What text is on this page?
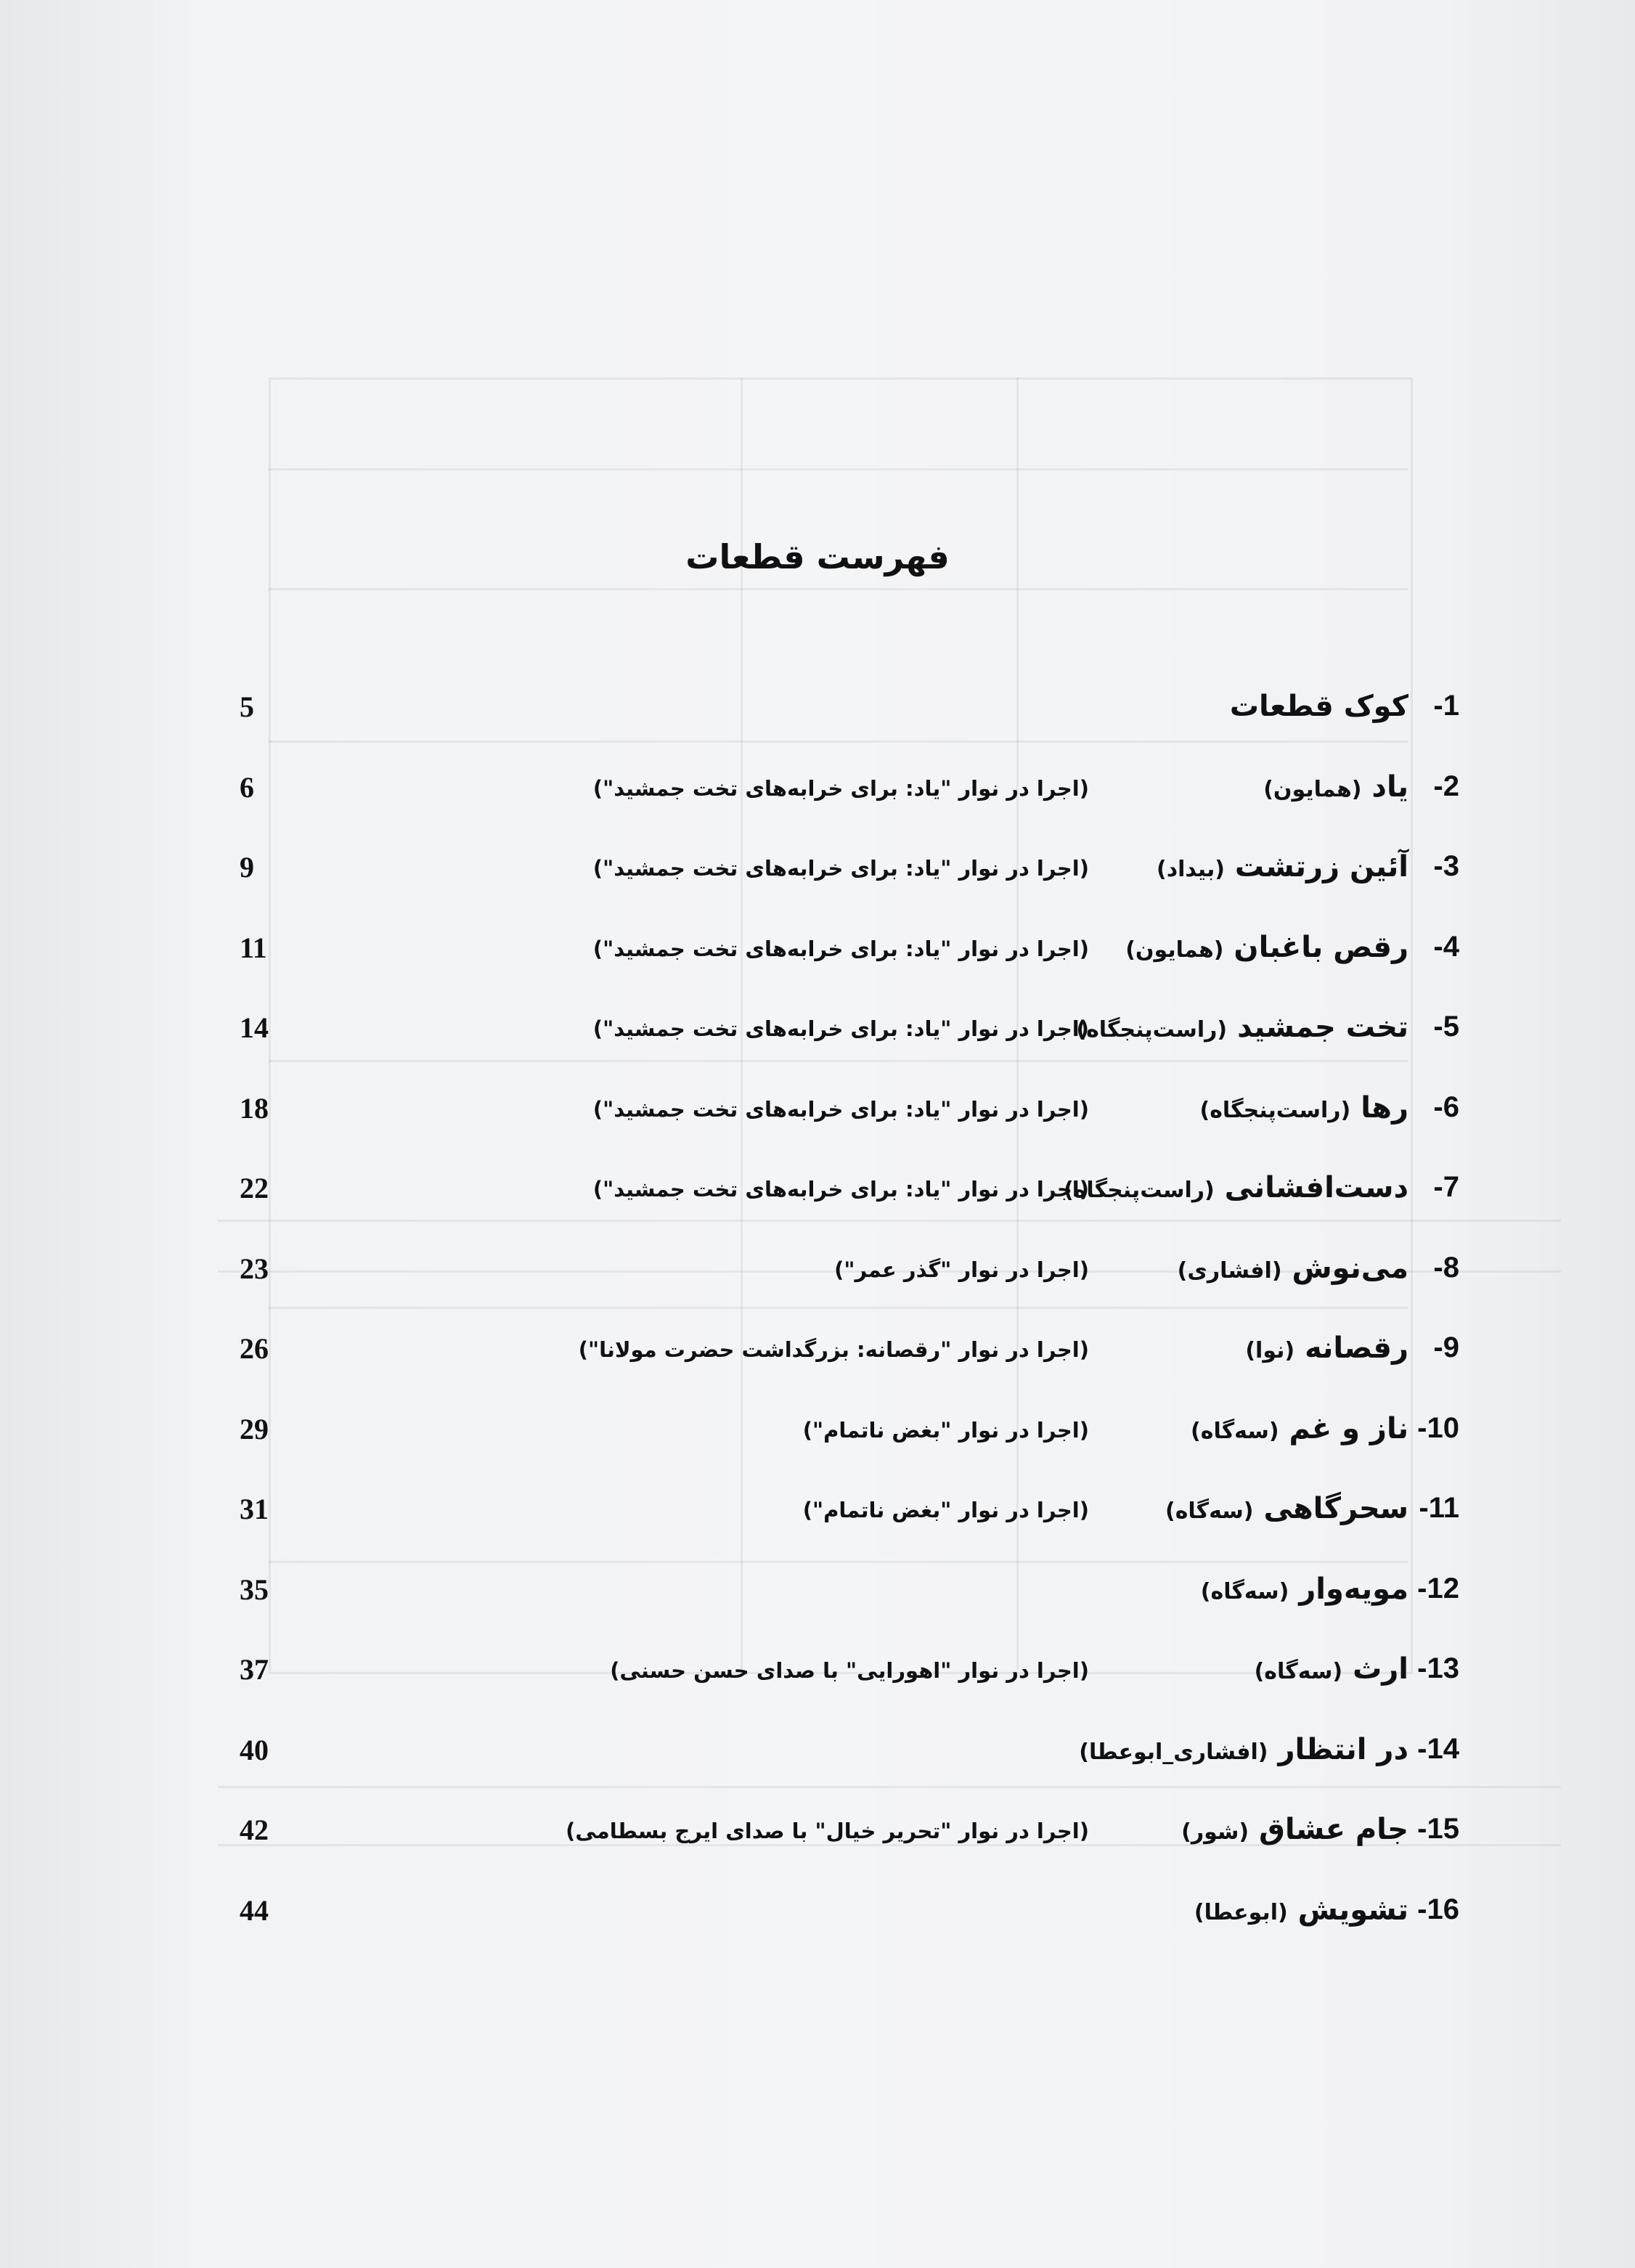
فهرست قطعات
1-
کوک قطعات
5
2-
یاد (همایون)
(اجرا در نوار "یاد: برای خرابه‌های تخت جمشید")
6
3-
آئین زرتشت (بیداد)
(اجرا در نوار "یاد: برای خرابه‌های تخت جمشید")
9
4-
رقص باغبان (همایون)
(اجرا در نوار "یاد: برای خرابه‌های تخت جمشید")
11
5-
تخت جمشید (راست‌پنجگاه)
(اجرا در نوار "یاد: برای خرابه‌های تخت جمشید")
14
6-
رها (راست‌پنجگاه)
(اجرا در نوار "یاد: برای خرابه‌های تخت جمشید")
18
7-
دست‌افشانی (راست‌پنجگاه)
(اجرا در نوار "یاد: برای خرابه‌های تخت جمشید")
22
8-
می‌نوش (افشاری)
(اجرا در نوار "گذر عمر")
23
9-
رقصانه (نوا)
(اجرا در نوار "رقصانه: بزرگداشت حضرت مولانا")
26
10-
ناز و غم (سه‌گاه)
(اجرا در نوار "بغض ناتمام")
29
11-
سحرگاهی (سه‌گاه)
(اجرا در نوار "بغض ناتمام")
31
12-
مویه‌وار (سه‌گاه)
35
13-
ارث (سه‌گاه)
(اجرا در نوار "اهورایی" با صدای حسن حسنی)
37
14-
در انتظار (افشاری_ابوعطا)
40
15-
جام عشاق (شور)
(اجرا در نوار "تحریر خیال" با صدای ایرج بسطامی)
42
16-
تشویش (ابوعطا)
44
